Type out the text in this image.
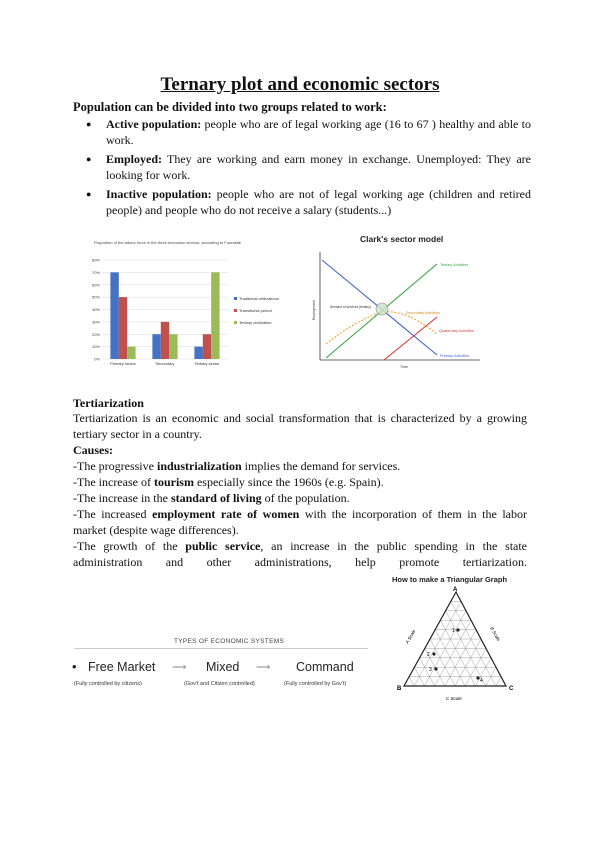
Ternary plot and economic sectors
Population can be divided into two groups related to work:
● Active population: people who are of legal working age (16 to 67 ) healthy and able to work.
● Employed: They are working and earn money in exchange. Unemployed: They are looking for work.
● Inactive population: people who are not of legal working age (children and retired people) and people who do not receive a salary (students...)
Proportion of the labour force in the three economic sectors, according to Fourastié
0%
10%
20%
30%
40%
50%
60%
70%
80%
Primary sector	Secondary	Tertiary sector
Traditional civilizations
Transitional period
Tertiary civilization
Clark's sector model
Employment
Time
Tertiary Activities
Secondary Activities
Quaternary Activities
Primary Activities
Demand of services (tertiary)
Tertiarization
Tertiarization is an economic and social transformation that is characterized by a growing tertiary sector in a country.
Causes:
-The progressive industrialization implies the demand for services.
-The increase of tourism especially since the 1960s (e.g. Spain).
-The increase in the standard of living of the population.
-The increased employment rate of women with the incorporation of them in the labor market (despite wage differences).
-The growth of the public service, an increase in the public spending in the state administration and other administrations, help promote tertiarization.
TYPES OF ECONOMIC SYSTEMS
• Free Market ⟶ Mixed ⟶ Command
(Fully controlled by citizens)	(Gov't and Citizen controlled)	(Fully controlled by Gov't)
How to make a Triangular Graph
A
B	C
A Scale	B Scale
C Scale
1
2
3
4
